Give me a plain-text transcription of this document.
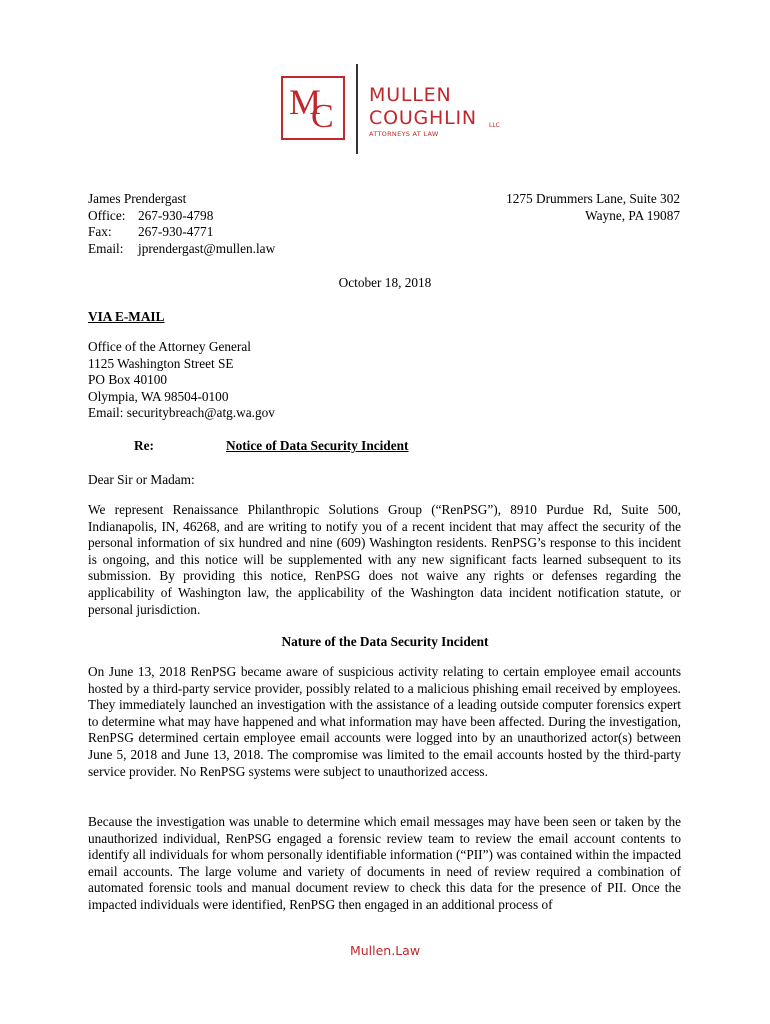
M
C
MULLEN
COUGHLIN LLC
ATTORNEYS AT LAW
James Prendergast
Office: 267-930-4798
Fax: 267-930-4771
Email: jprendergast@mullen.law
1275 Drummers Lane, Suite 302
Wayne, PA 19087
October 18, 2018
VIA E-MAIL
Office of the Attorney General
1125 Washington Street SE
PO Box 40100
Olympia, WA 98504-0100
Email: securitybreach@atg.wa.gov
Re:	Notice of Data Security Incident
Dear Sir or Madam:
We represent Renaissance Philanthropic Solutions Group (“RenPSG”), 8910 Purdue Rd, Suite 500, Indianapolis, IN, 46268, and are writing to notify you of a recent incident that may affect the security of the personal information of six hundred and nine (609) Washington residents. RenPSG’s response to this incident is ongoing, and this notice will be supplemented with any new significant facts learned subsequent to its submission. By providing this notice, RenPSG does not waive any rights or defenses regarding the applicability of Washington law, the applicability of the Washington data incident notification statute, or personal jurisdiction.
Nature of the Data Security Incident
On June 13, 2018 RenPSG became aware of suspicious activity relating to certain employee email accounts hosted by a third-party service provider, possibly related to a malicious phishing email received by employees. They immediately launched an investigation with the assistance of a leading outside computer forensics expert to determine what may have happened and what information may have been affected. During the investigation, RenPSG determined certain employee email accounts were logged into by an unauthorized actor(s) between June 5, 2018 and June 13, 2018. The compromise was limited to the email accounts hosted by the third-party service provider. No RenPSG systems were subject to unauthorized access.
Because the investigation was unable to determine which email messages may have been seen or taken by the unauthorized individual, RenPSG engaged a forensic review team to review the email account contents to identify all individuals for whom personally identifiable information (“PII”) was contained within the impacted email accounts. The large volume and variety of documents in need of review required a combination of automated forensic tools and manual document review to check this data for the presence of PII. Once the impacted individuals were identified, RenPSG then engaged in an additional process of
Mullen.Law
